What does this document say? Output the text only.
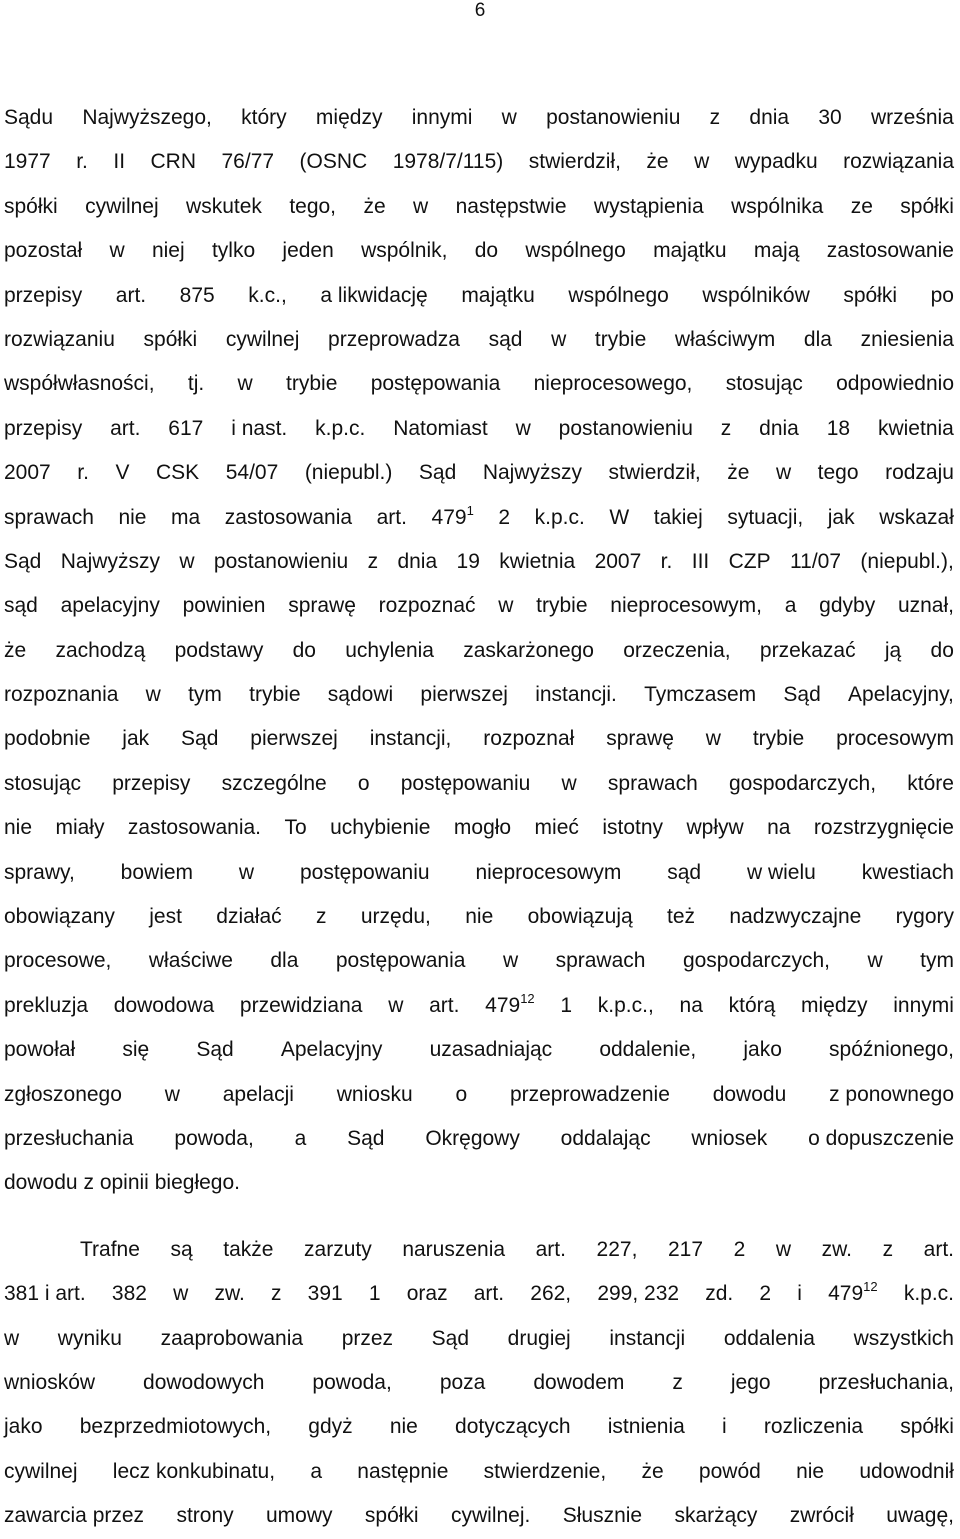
6
Sądu Najwyższego, który między innymi w postanowieniu z dnia 30 września
1977 r. II CRN 76/77 (OSNC 1978/7/115) stwierdził, że w wypadku rozwiązania
spółki cywilnej wskutek tego, że w następstwie wystąpienia wspólnika ze spółki
pozostał w niej tylko jeden wspólnik, do wspólnego majątku mają zastosowanie
przepisy art. 875 k.c., a likwidację majątku wspólnego wspólników spółki po
rozwiązaniu spółki cywilnej przeprowadza sąd w trybie właściwym dla zniesienia
współwłasności, tj. w trybie postępowania nieprocesowego, stosując odpowiednio
przepisy art. 617 i nast. k.p.c. Natomiast w postanowieniu z dnia 18 kwietnia
2007 r. V CSK 54/07 (niepubl.) Sąd Najwyższy stwierdził, że w tego rodzaju
sprawach nie ma zastosowania art. $479^1$ 2 k.p.c. W takiej sytuacji, jak wskazał
Sąd Najwyższy w postanowieniu z dnia 19 kwietnia 2007 r. III CZP 11/07 (niepubl.),
sąd apelacyjny powinien sprawę rozpoznać w trybie nieprocesowym, a gdyby uznał,
że zachodzą podstawy do uchylenia zaskarżonego orzeczenia, przekazać ją do
rozpoznania w tym trybie sądowi pierwszej instancji. Tymczasem Sąd Apelacyjny,
podobnie jak Sąd pierwszej instancji, rozpoznał sprawę w trybie procesowym
stosując przepisy szczególne o postępowaniu w sprawach gospodarczych, które
nie miały zastosowania. To uchybienie mogło mieć istotny wpływ na rozstrzygnięcie
sprawy, bowiem w postępowaniu nieprocesowym sąd w wielu kwestiach
obowiązany jest działać z urzędu, nie obowiązują też nadzwyczajne rygory
procesowe, właściwe dla postępowania w sprawach gospodarczych, w tym
prekluzja dowodowa przewidziana w art. $479^{12}$ 1 k.p.c., na którą między innymi
powołał się Sąd Apelacyjny uzasadniając oddalenie, jako spóźnionego,
zgłoszonego w apelacji wniosku o przeprowadzenie dowodu z ponownego
przesłuchania powoda, a Sąd Okręgowy oddalając wniosek o dopuszczenie
dowodu z opinii biegłego.
Trafne są także zarzuty naruszenia art. 227, 217 2 w zw. z art.
381 i art. 382 w zw. z 391 1 oraz art. 262, 299, 232 zd. 2 i $479^{12}$ k.p.c.
w wyniku zaaprobowania przez Sąd drugiej instancji oddalenia wszystkich
wniosków dowodowych powoda, poza dowodem z jego przesłuchania,
jako bezprzedmiotowych, gdyż nie dotyczących istnienia i rozliczenia spółki
cywilnej lecz konkubinatu, a następnie stwierdzenie, że powód nie udowodnił
zawarcia przez strony umowy spółki cywilnej. Słusznie skarżący zwrócił uwagę,
